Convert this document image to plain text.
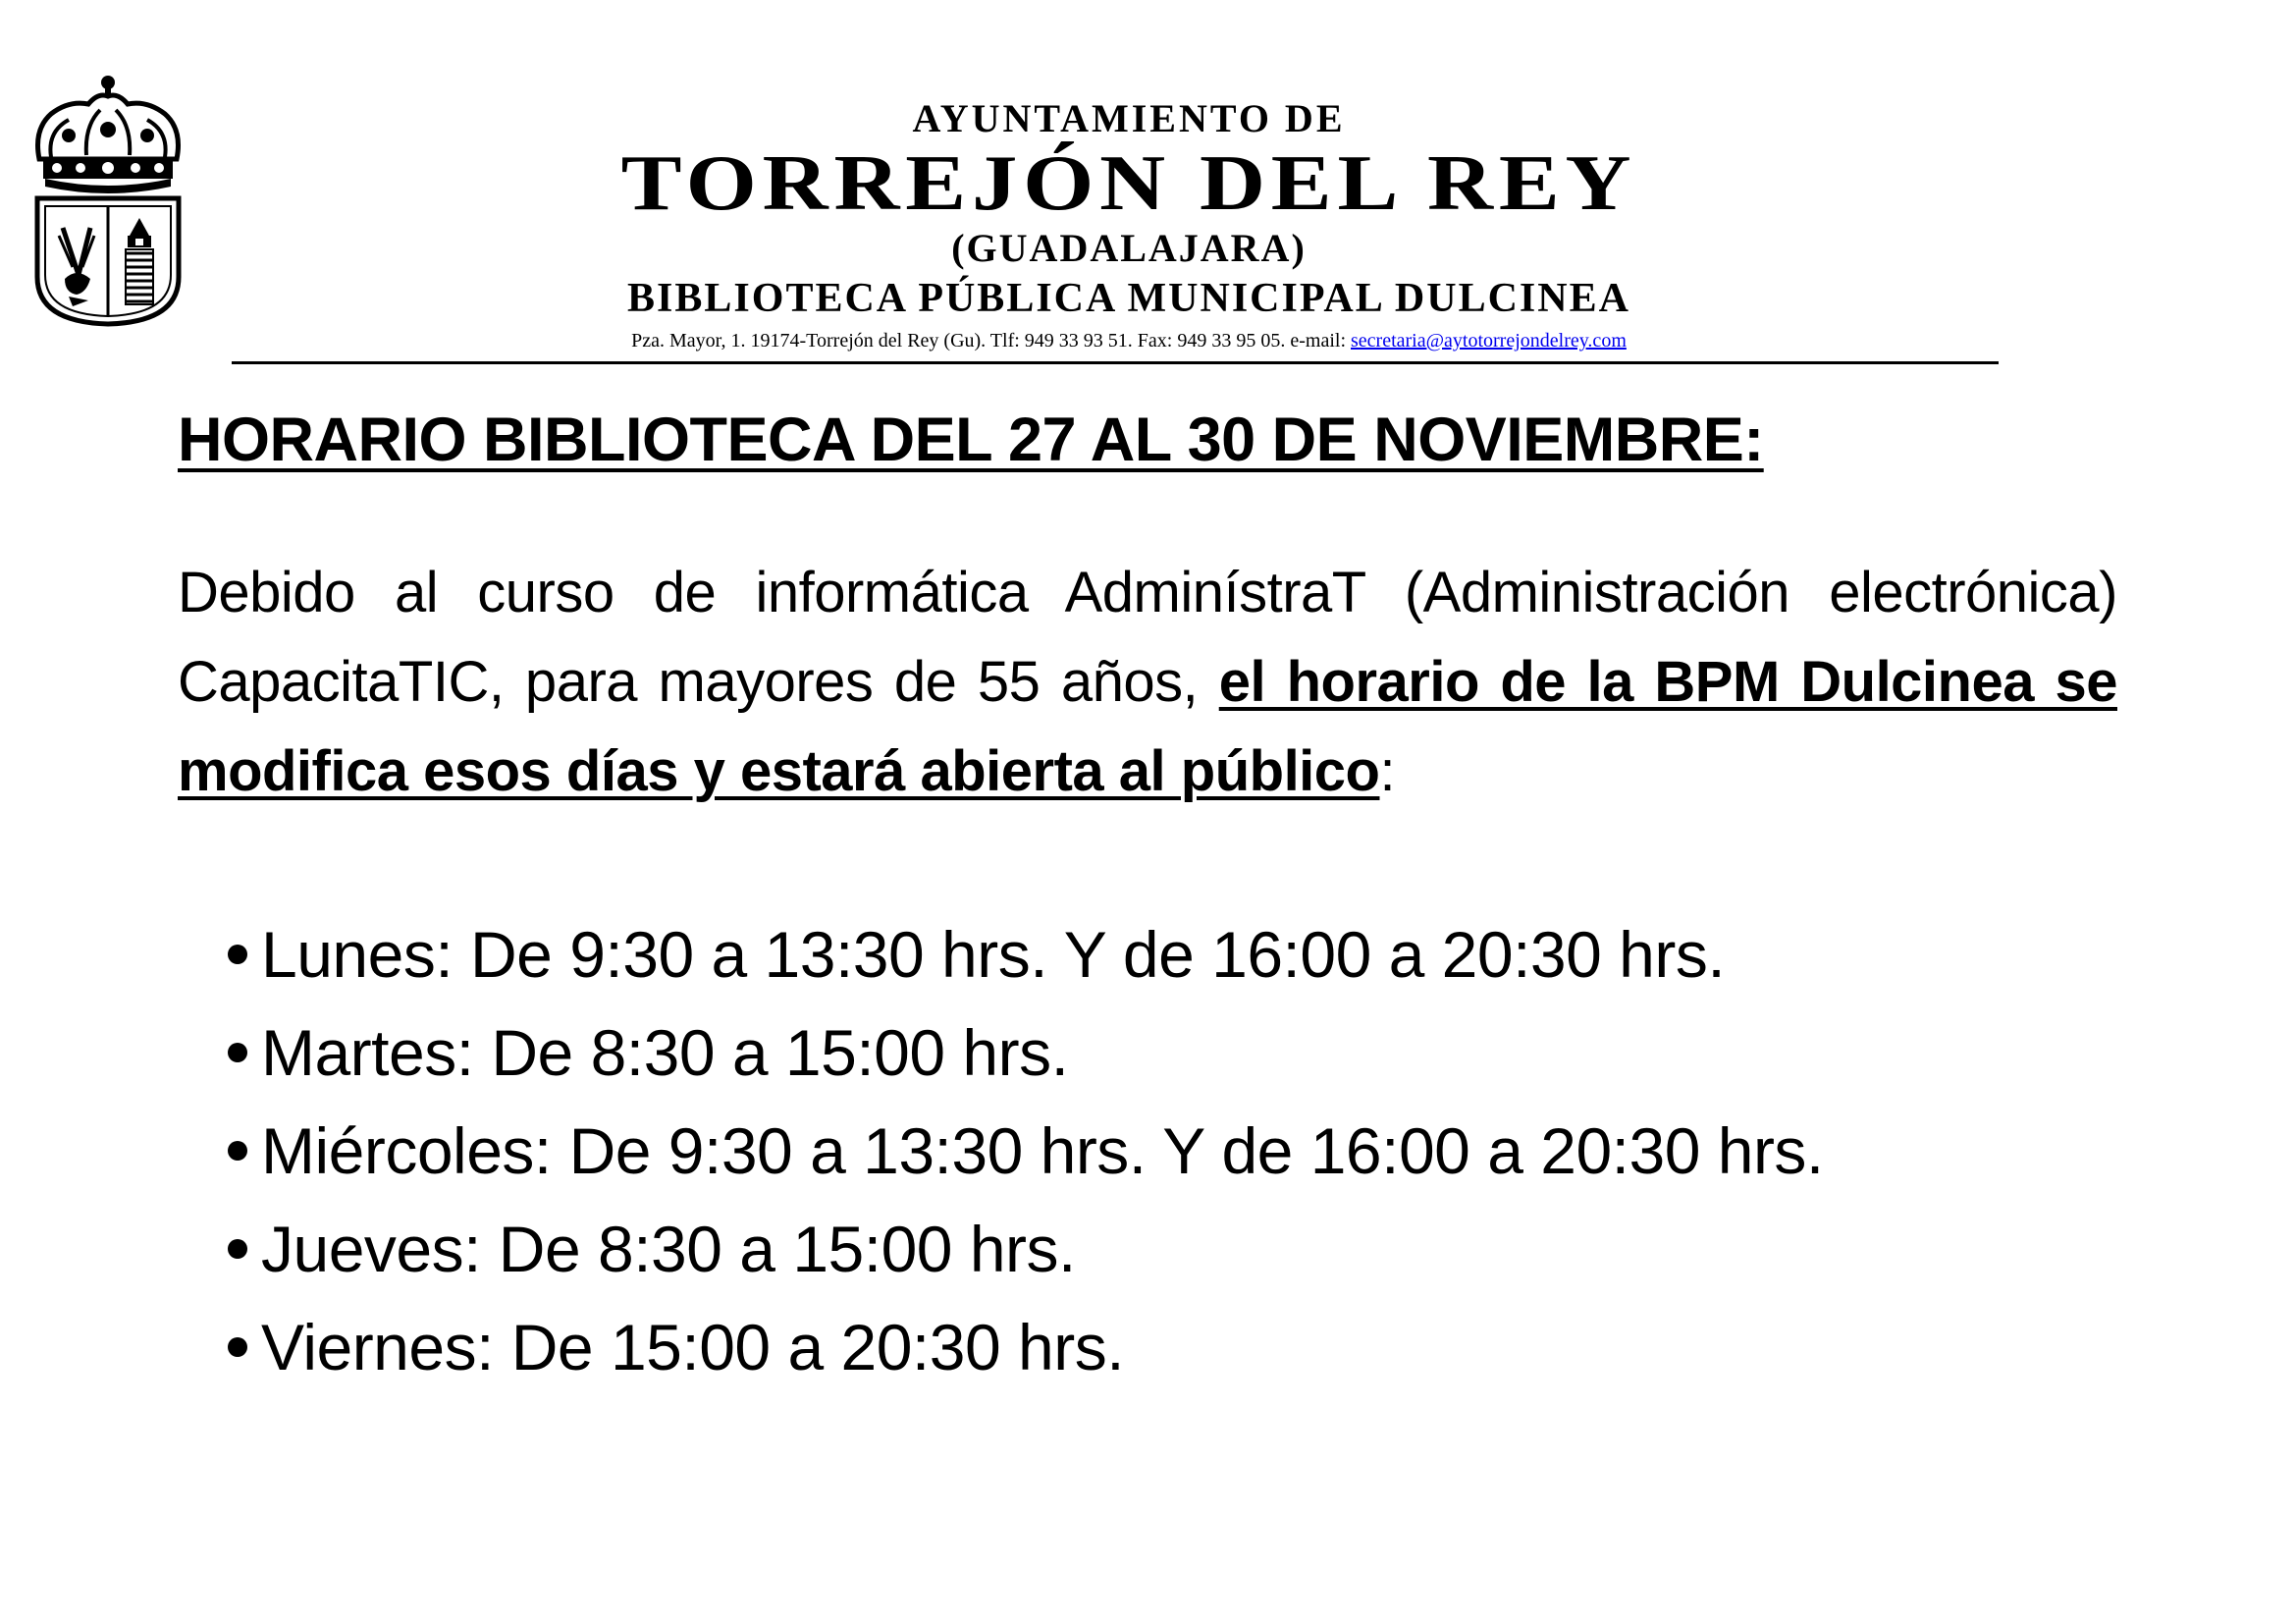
AYUNTAMIENTO DE
TORREJÓN DEL REY
(GUADALAJARA)
BIBLIOTECA PÚBLICA MUNICIPAL DULCINEA
Pza. Mayor, 1. 19174-Torrejón del Rey (Gu). Tlf: 949 33 93 51. Fax: 949 33 95 05. e-mail: secretaria@aytotorrejondelrey.com
HORARIO BIBLIOTECA DEL 27 AL 30 DE NOVIEMBRE:

Debido al curso de informática AdminístraT (Administración electrónica) CapacitaTIC, para mayores de 55 años, el horario de la BPM Dulcinea se modifica esos días y estará abierta al público:

Lunes: De 9:30 a 13:30 hrs. Y de 16:00 a 20:30 hrs.
Martes: De 8:30 a 15:00 hrs.
Miércoles: De 9:30 a 13:30 hrs. Y de 16:00 a 20:30 hrs.
Jueves: De 8:30 a 15:00 hrs.
Viernes: De 15:00 a 20:30 hrs.
